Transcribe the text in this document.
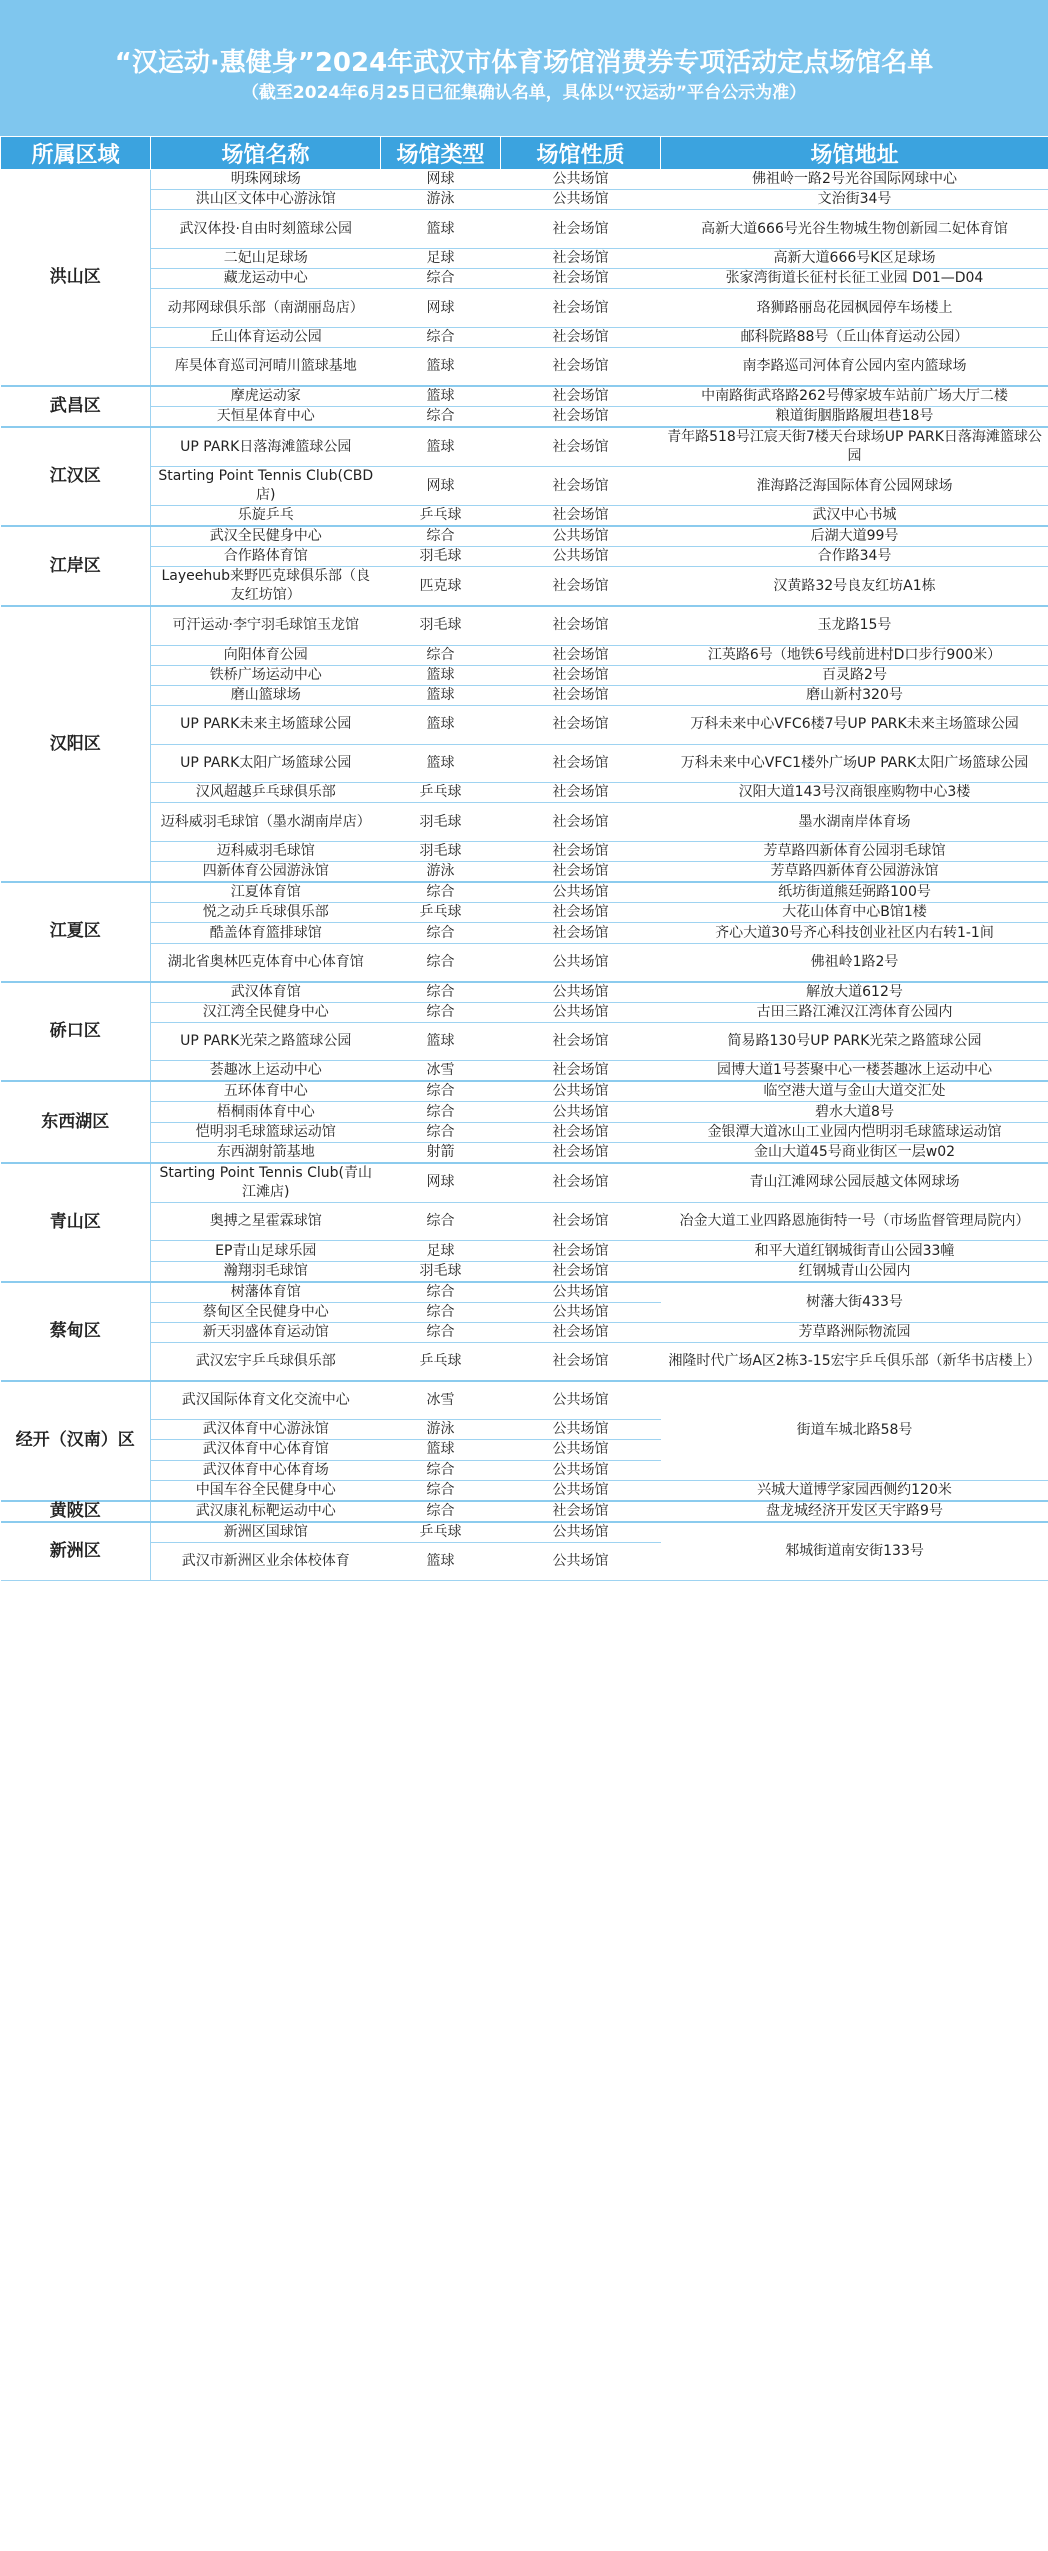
“汉运动·惠健身”2024年武汉市体育场馆消费券专项活动定点场馆名单
（截至2024年6月25日已征集确认名单，具体以“汉运动”平台公示为准）
所属区域	场馆名称	场馆类型	场馆性质	场馆地址
洪山区	明珠网球场	网球	公共场馆	佛祖岭一路2号光谷国际网球中心
	洪山区文体中心游泳馆	游泳	公共场馆	文治街34号
	武汉体投·自由时刻篮球公园	篮球	社会场馆	高新大道666号光谷生物城生物创新园二妃体育馆
	二妃山足球场	足球	社会场馆	高新大道666号K区足球场
	藏龙运动中心	综合	社会场馆	张家湾街道长征村长征工业园 D01—D04
	动邦网球俱乐部（南湖丽岛店）	网球	社会场馆	珞狮路丽岛花园枫园停车场楼上
	丘山体育运动公园	综合	社会场馆	邮科院路88号（丘山体育运动公园）
	库昊体育巡司河晴川篮球基地	篮球	社会场馆	南李路巡司河体育公园内室内篮球场
武昌区	摩虎运动家	篮球	社会场馆	中南路街武珞路262号傅家坡车站前广场大厅二楼
	天恒星体育中心	综合	社会场馆	粮道街胭脂路履坦巷18号
江汉区	UP PARK日落海滩篮球公园	篮球	社会场馆	青年路518号江宸天街7楼天台球场UP PARK日落海滩篮球公园
	Starting Point Tennis Club(CBD店)	网球	社会场馆	淮海路泛海国际体育公园网球场
	乐旋乒乓	乒乓球	社会场馆	武汉中心书城
江岸区	武汉全民健身中心	综合	公共场馆	后湖大道99号
	合作路体育馆	羽毛球	公共场馆	合作路34号
	Layeehub来野匹克球俱乐部（良友红坊馆）	匹克球	社会场馆	汉黄路32号良友红坊A1栋
汉阳区	可汗运动·李宁羽毛球馆玉龙馆	羽毛球	社会场馆	玉龙路15号
	向阳体育公园	综合	社会场馆	江英路6号（地铁6号线前进村D口步行900米）
	铁桥广场运动中心	篮球	社会场馆	百灵路2号
	磨山篮球场	篮球	社会场馆	磨山新村320号
	UP PARK未来主场篮球公园	篮球	社会场馆	万科未来中心VFC6楼7号UP PARK未来主场篮球公园
	UP PARK太阳广场篮球公园	篮球	社会场馆	万科未来中心VFC1楼外广场UP PARK太阳广场篮球公园
	汉风超越乒乓球俱乐部	乒乓球	社会场馆	汉阳大道143号汉商银座购物中心3楼
	迈科威羽毛球馆（墨水湖南岸店）	羽毛球	社会场馆	墨水湖南岸体育场
	迈科威羽毛球馆	羽毛球	社会场馆	芳草路四新体育公园羽毛球馆
	四新体育公园游泳馆	游泳	社会场馆	芳草路四新体育公园游泳馆
江夏区	江夏体育馆	综合	公共场馆	纸坊街道熊廷弼路100号
	悦之动乒乓球俱乐部	乒乓球	社会场馆	大花山体育中心B馆1楼
	酷盖体育篮排球馆	综合	社会场馆	齐心大道30号齐心科技创业社区内右转1-1间
	湖北省奥林匹克体育中心体育馆	综合	公共场馆	佛祖岭1路2号
硚口区	武汉体育馆	综合	公共场馆	解放大道612号
	汉江湾全民健身中心	综合	公共场馆	古田三路江滩汉江湾体育公园内
	UP PARK光荣之路篮球公园	篮球	社会场馆	简易路130号UP PARK光荣之路篮球公园
	荟趣冰上运动中心	冰雪	社会场馆	园博大道1号荟聚中心一楼荟趣冰上运动中心
东西湖区	五环体育中心	综合	公共场馆	临空港大道与金山大道交汇处
	梧桐雨体育中心	综合	公共场馆	碧水大道8号
	恺明羽毛球篮球运动馆	综合	社会场馆	金银潭大道冰山工业园内恺明羽毛球篮球运动馆
	东西湖射箭基地	射箭	社会场馆	金山大道45号商业街区一层w02
青山区	Starting Point Tennis Club(青山江滩店)	网球	社会场馆	青山江滩网球公园辰越文体网球场
	奥搏之星霍霖球馆	综合	社会场馆	冶金大道工业四路恩施街特一号（市场监督管理局院内）
	EP青山足球乐园	足球	社会场馆	和平大道红钢城街青山公园33幢
	瀚翔羽毛球馆	羽毛球	社会场馆	红钢城青山公园内
蔡甸区	树藩体育馆	综合	公共场馆	树藩大街433号
	蔡甸区全民健身中心	综合	公共场馆	
	新天羽盛体育运动馆	综合	社会场馆	芳草路洲际物流园
	武汉宏宇乒乓球俱乐部	乒乓球	社会场馆	湘隆时代广场A区2栋3-15宏宇乒乓俱乐部（新华书店楼上）
经开（汉南）区	武汉国际体育文化交流中心	冰雪	公共场馆	街道车城北路58号
	武汉体育中心游泳馆	游泳	公共场馆	
	武汉体育中心体育馆	篮球	公共场馆	
	武汉体育中心体育场	综合	公共场馆	
	中国车谷全民健身中心	综合	公共场馆	兴城大道博学家园西侧约120米
黄陂区	武汉康礼标靶运动中心	综合	社会场馆	盘龙城经济开发区天宇路9号
新洲区	新洲区国球馆	乒乓球	公共场馆	邾城街道南安街133号
	武汉市新洲区业余体校体育	篮球	公共场馆	
